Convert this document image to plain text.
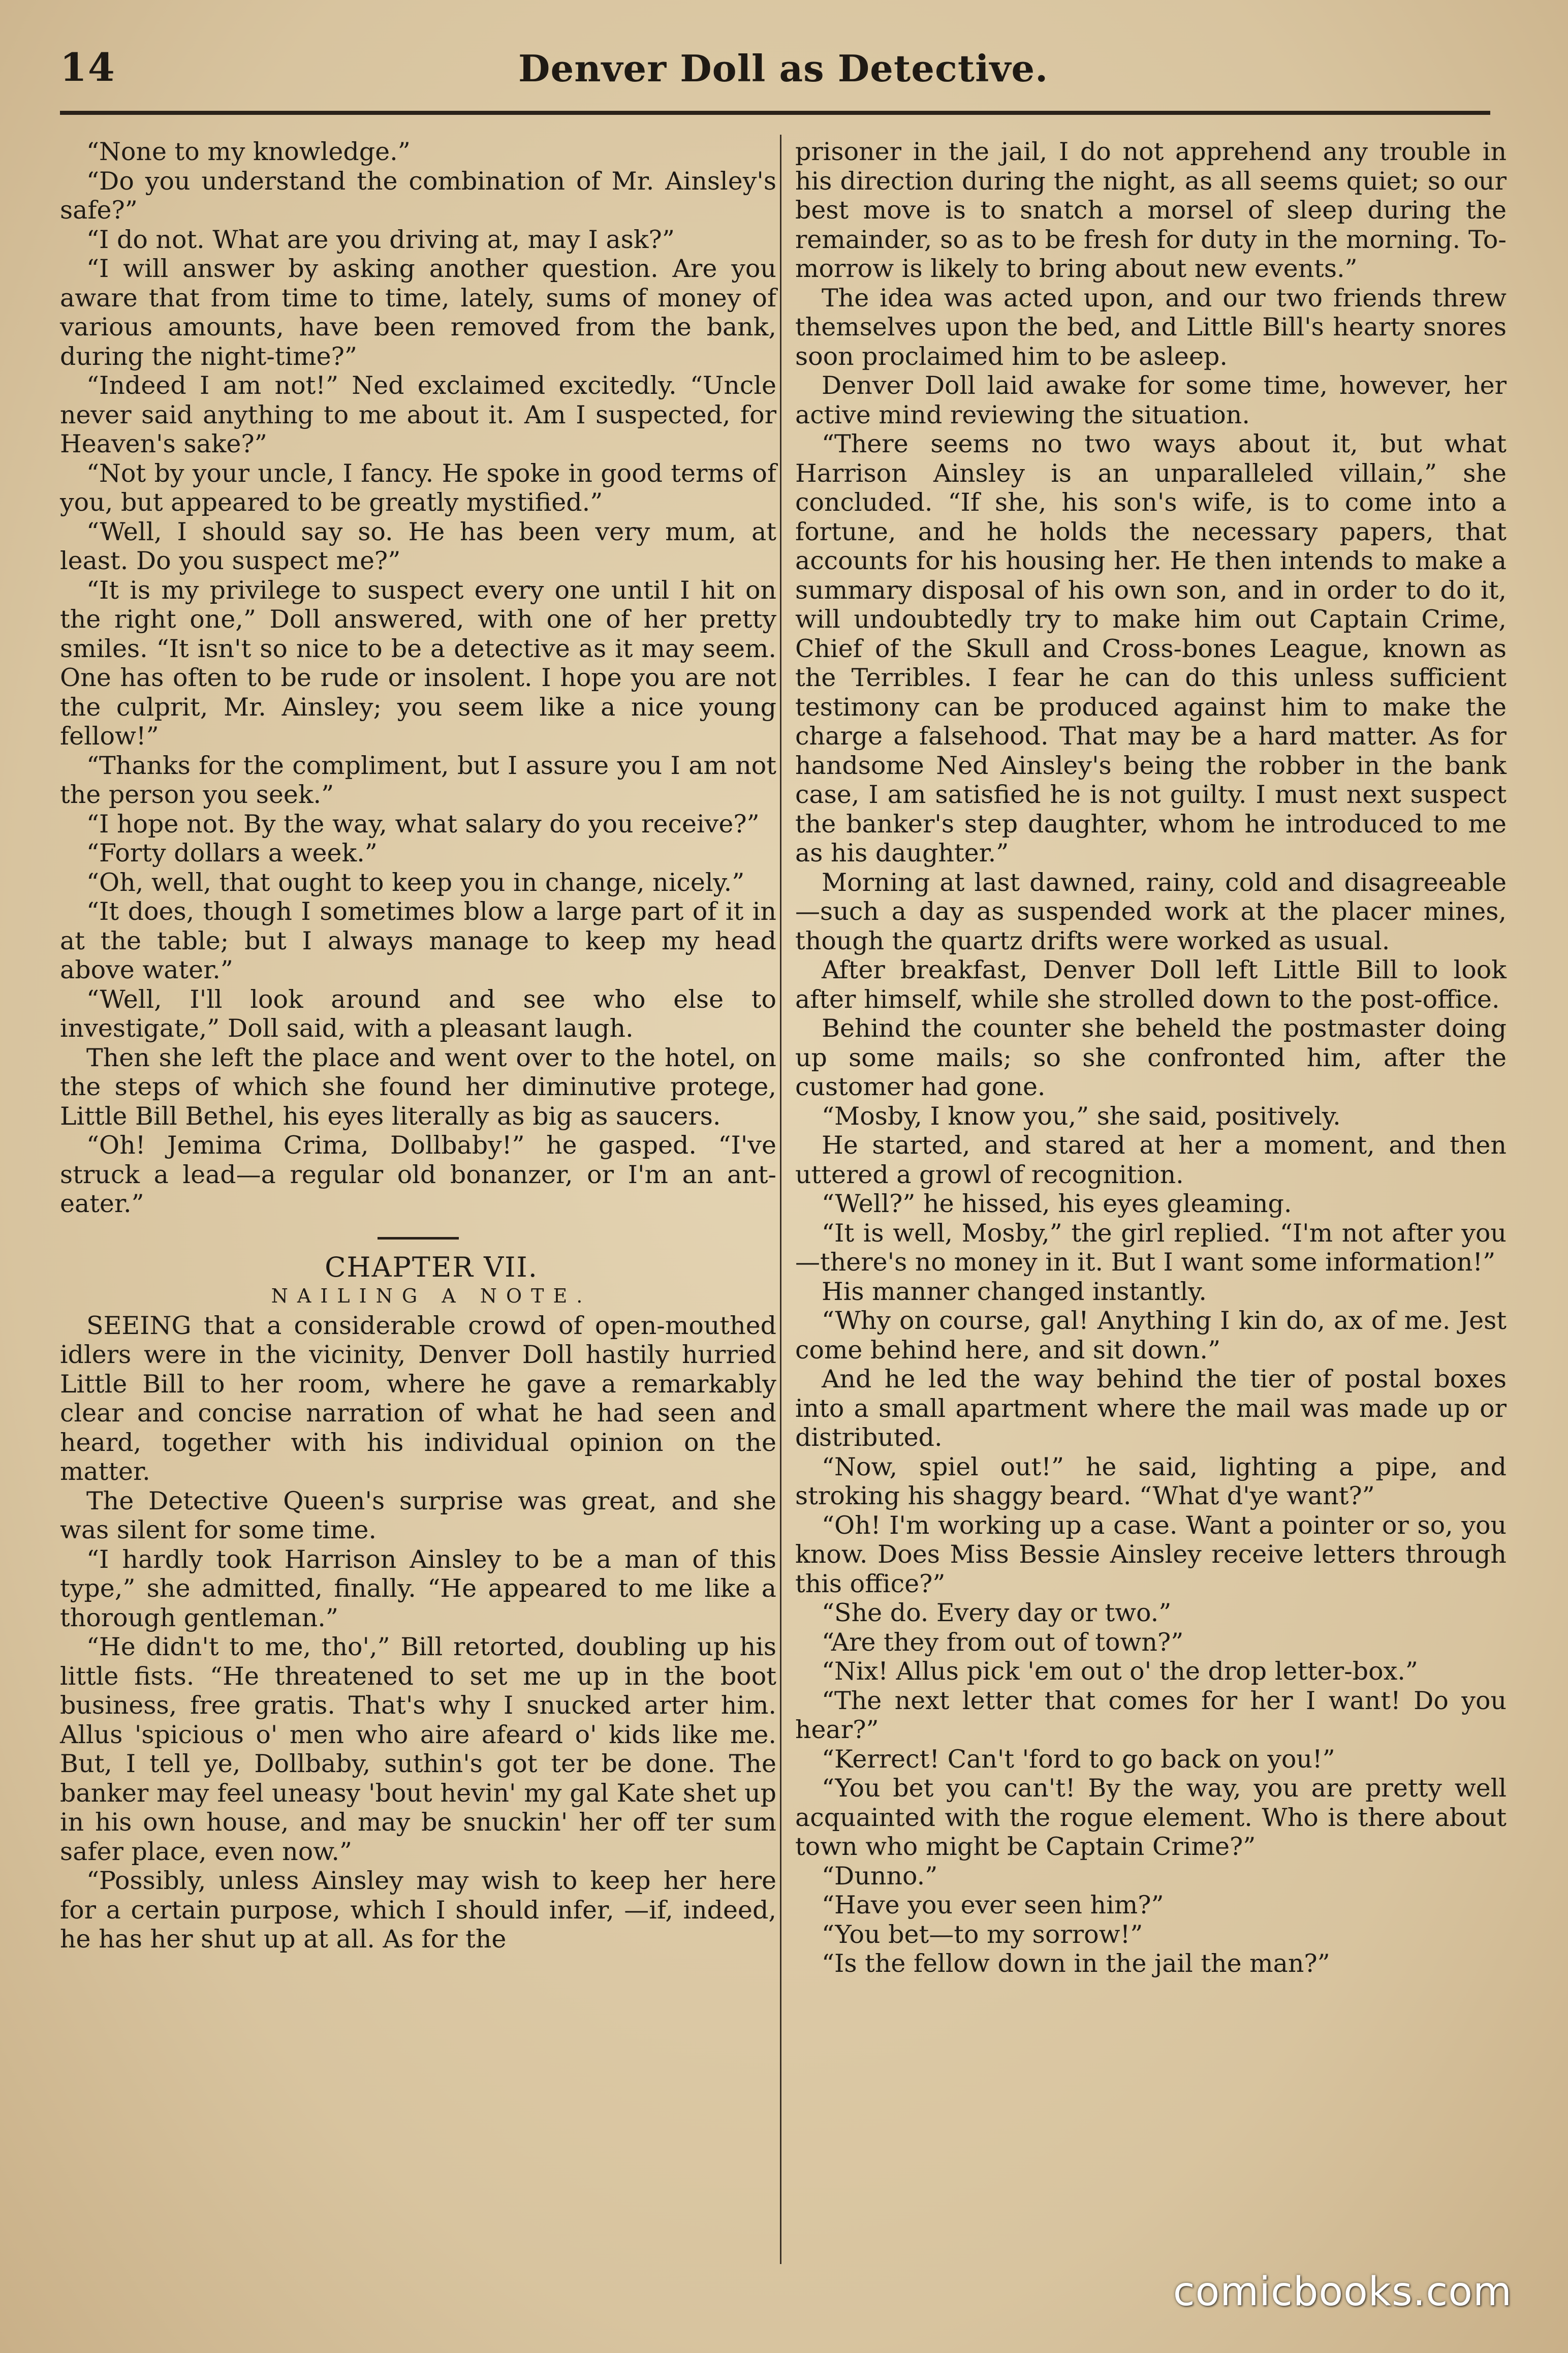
14	Denver Doll as Detective.

“None to my knowledge.”

“Do you understand the combination of Mr. Ainsley's safe?”

“I do not. What are you driving at, may I ask?”

“I will answer by asking another question. Are you aware that from time to time, lately, sums of money of various amounts, have been removed from the bank, during the night-time?”

“Indeed I am not!” Ned exclaimed excitedly. “Uncle never said anything to me about it. Am I suspected, for Heaven's sake?”

“Not by your uncle, I fancy. He spoke in good terms of you, but appeared to be greatly mystified.”

“Well, I should say so. He has been very mum, at least. Do you suspect me?”

“It is my privilege to suspect every one until I hit on the right one,” Doll answered, with one of her pretty smiles. “It isn't so nice to be a detective as it may seem. One has often to be rude or insolent. I hope you are not the culprit, Mr. Ainsley; you seem like a nice young fellow!”

“Thanks for the compliment, but I assure you I am not the person you seek.”

“I hope not. By the way, what salary do you receive?”

“Forty dollars a week.”

“Oh, well, that ought to keep you in change, nicely.”

“It does, though I sometimes blow a large part of it in at the table; but I always manage to keep my head above water.”

“Well, I'll look around and see who else to investigate,” Doll said, with a pleasant laugh.

Then she left the place and went over to the hotel, on the steps of which she found her diminutive protege, Little Bill Bethel, his eyes literally as big as saucers.

“Oh! Jemima Crima, Dollbaby!” he gasped. “I've struck a lead—a regular old bonanzer, or I'm an ant-eater.”

CHAPTER VII.

NAILING A NOTE.

SEEING that a considerable crowd of open-mouthed idlers were in the vicinity, Denver Doll hastily hurried Little Bill to her room, where he gave a remarkably clear and concise narration of what he had seen and heard, together with his individual opinion on the matter.

The Detective Queen's surprise was great, and she was silent for some time.

“I hardly took Harrison Ainsley to be a man of this type,” she admitted, finally. “He appeared to me like a thorough gentleman.”

“He didn't to me, tho',” Bill retorted, doubling up his little fists. “He threatened to set me up in the boot business, free gratis. That's why I snucked arter him. Allus 'spicious o' men who aire afeard o' kids like me. But, I tell ye, Dollbaby, suthin's got ter be done. The banker may feel uneasy 'bout hevin' my gal Kate shet up in his own house, and may be snuckin' her off ter sum safer place, even now.”

“Possibly, unless Ainsley may wish to keep her here for a certain purpose, which I should infer, —if, indeed, he has her shut up at all. As for the

prisoner in the jail, I do not apprehend any trouble in his direction during the night, as all seems quiet; so our best move is to snatch a morsel of sleep during the remainder, so as to be fresh for duty in the morning. To-morrow is likely to bring about new events.”

The idea was acted upon, and our two friends threw themselves upon the bed, and Little Bill's hearty snores soon proclaimed him to be asleep.

Denver Doll laid awake for some time, however, her active mind reviewing the situation.

“There seems no two ways about it, but what Harrison Ainsley is an unparalleled villain,” she concluded. “If she, his son's wife, is to come into a fortune, and he holds the necessary papers, that accounts for his housing her. He then intends to make a summary disposal of his own son, and in order to do it, will undoubtedly try to make him out Captain Crime, Chief of the Skull and Cross-bones League, known as the Terribles. I fear he can do this unless sufficient testimony can be produced against him to make the charge a falsehood. That may be a hard matter. As for handsome Ned Ainsley's being the robber in the bank case, I am satisfied he is not guilty. I must next suspect the banker's step daughter, whom he introduced to me as his daughter.”

Morning at last dawned, rainy, cold and disagreeable—such a day as suspended work at the placer mines, though the quartz drifts were worked as usual.

After breakfast, Denver Doll left Little Bill to look after himself, while she strolled down to the post-office.

Behind the counter she beheld the postmaster doing up some mails; so she confronted him, after the customer had gone.

“Mosby, I know you,” she said, positively.

He started, and stared at her a moment, and then uttered a growl of recognition.

“Well?” he hissed, his eyes gleaming.

“It is well, Mosby,” the girl replied. “I'm not after you—there's no money in it. But I want some information!”

His manner changed instantly.

“Why on course, gal! Anything I kin do, ax of me. Jest come behind here, and sit down.”

And he led the way behind the tier of postal boxes into a small apartment where the mail was made up or distributed.

“Now, spiel out!” he said, lighting a pipe, and stroking his shaggy beard. “What d'ye want?”

“Oh! I'm working up a case. Want a pointer or so, you know. Does Miss Bessie Ainsley receive letters through this office?”

“She do. Every day or two.”

“Are they from out of town?”

“Nix! Allus pick 'em out o' the drop letter-box.”

“The next letter that comes for her I want! Do you hear?”

“Kerrect! Can't 'ford to go back on you!”

“You bet you can't! By the way, you are pretty well acquainted with the rogue element. Who is there about town who might be Captain Crime?”

“Dunno.”

“Have you ever seen him?”

“You bet—to my sorrow!”

“Is the fellow down in the jail the man?”

comicbooks.com
